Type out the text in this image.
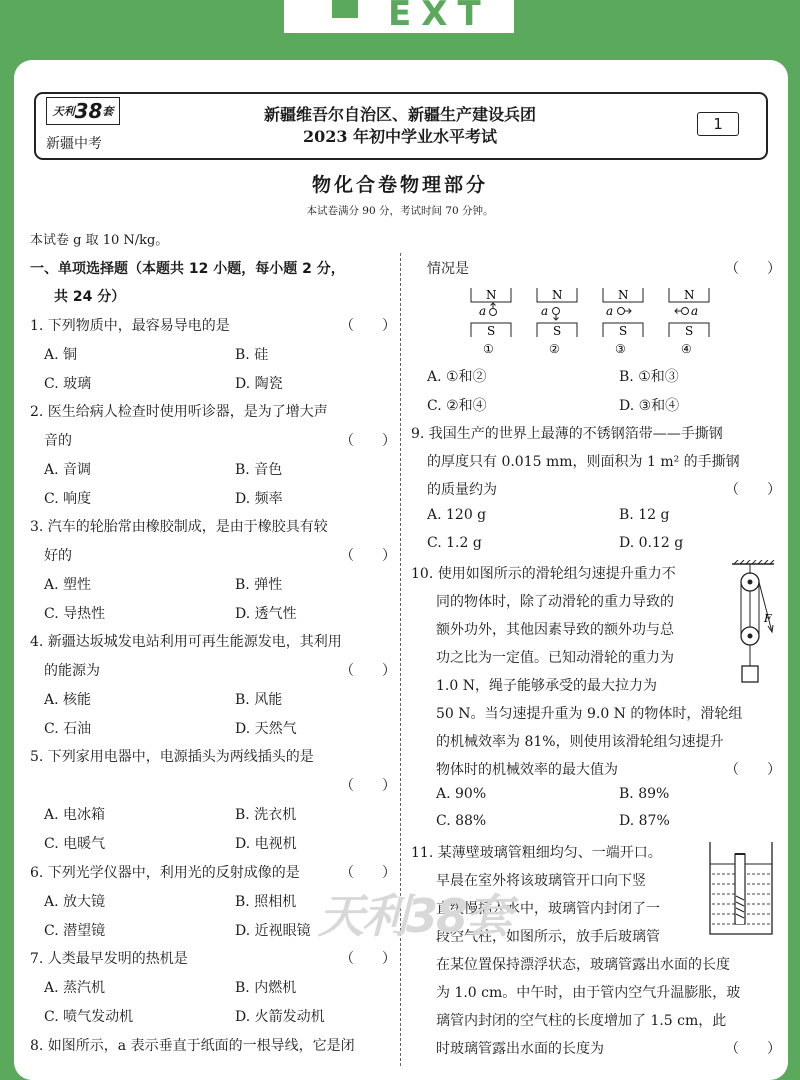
EXT
天利 38 套
新疆中考
新疆维吾尔自治区、新疆生产建设兵团
2023 年初中学业水平考试
1
物化合卷物理部分
本试卷满分 90 分，考试时间 70 分钟。
本试卷 g 取 10 N/kg。
一、单项选择题（本题共 12 小题，每小题 2 分，
共 24 分）
1. 下列物质中，最容易导电的是	（　　）
A. 铜	B. 硅
C. 玻璃	D. 陶瓷
2. 医生给病人检查时使用听诊器，是为了增大声
音的	（　　）
A. 音调	B. 音色
C. 响度	D. 频率
3. 汽车的轮胎常由橡胶制成，是由于橡胶具有较
好的	（　　）
A. 塑性	B. 弹性
C. 导热性	D. 透气性
4. 新疆达坂城发电站利用可再生能源发电，其利用
的能源为	（　　）
A. 核能	B. 风能
C. 石油	D. 天然气
5. 下列家用电器中，电源插头为两线插头的是
（　　）
A. 电冰箱	B. 洗衣机
C. 电暖气	D. 电视机
6. 下列光学仪器中，利用光的反射成像的是	（　　）
A. 放大镜	B. 照相机
C. 潜望镜	D. 近视眼镜
7. 人类最早发明的热机是	（　　）
A. 蒸汽机	B. 内燃机
C. 喷气发动机	D. 火箭发动机
8. 如图所示，a 表示垂直于纸面的一根导线，它是闭
情况是	（　　）
N
a
S
①
N
a
S
②
N
a
S
③
N
a
S
④
A. ①和②	B. ①和③
C. ②和④	D. ③和④
9. 我国生产的世界上最薄的不锈钢箔带——手撕钢
的厚度只有 0.015 mm，则面积为 1 m² 的手撕钢
的质量约为	（　　）
A. 120 g	B. 12 g
C. 1.2 g	D. 0.12 g
10. 使用如图所示的滑轮组匀速提升重力不
同的物体时，除了动滑轮的重力导致的
额外功外，其他因素导致的额外功与总
功之比为一定值。已知动滑轮的重力为
1.0 N，绳子能够承受的最大拉力为
50 N。当匀速提升重为 9.0 N 的物体时，滑轮组
的机械效率为 81%，则使用该滑轮组匀速提升
物体时的机械效率的最大值为	（　　）
F
A. 90%	B. 89%
C. 88%	D. 87%
11. 某薄壁玻璃管粗细均匀、一端开口。
早晨在室外将该玻璃管开口向下竖
直缓慢插入水中，玻璃管内封闭了一
段空气柱，如图所示，放手后玻璃管
在某位置保持漂浮状态，玻璃管露出水面的长度
为 1.0 cm。中午时，由于管内空气升温膨胀，玻
璃管内封闭的空气柱的长度增加了 1.5 cm，此
时玻璃管露出水面的长度为	（　　）
天利38套
